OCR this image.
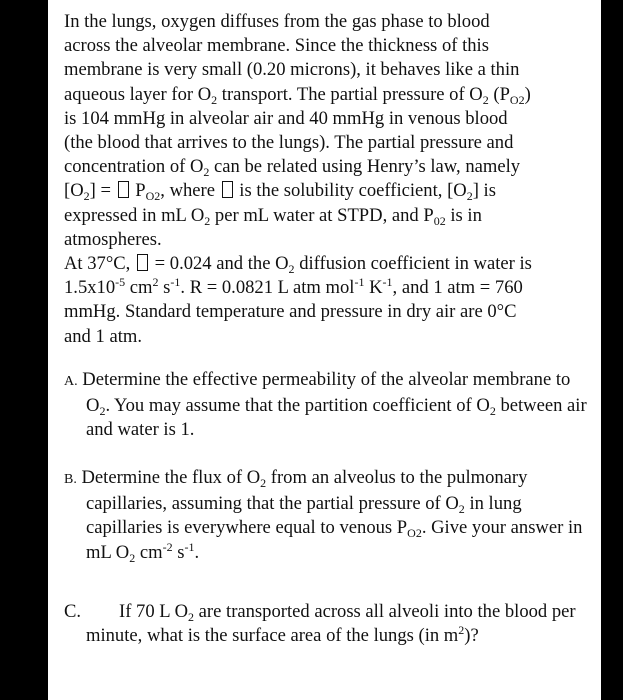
In the lungs, oxygen diffuses from the gas phase to blood
across the alveolar membrane. Since the thickness of this
membrane is very small (0.20 microns), it behaves like a thin
aqueous layer for $O_2$ transport. The partial pressure of $O_2$ $(P_{O2})$
is 104 mmHg in alveolar air and 40 mmHg in venous blood
(the blood that arrives to the lungs). The partial pressure and
concentration of $O_2$ can be related using Henry’s law, namely
$[O_2] = P_{O2}$, where  is the solubility coefficient, $[O_2]$ is
expressed in mL $O_2$ per mL water at STPD, and $P_{02}$ is in
atmospheres.

At 37°C,  = 0.024 and the $O_2$ diffusion coefficient in water is
$1.5x10^{-5}$ $cm^2$ $s^{-1}$. R = 0.0821 L atm mol$^{-1}$ $K^{-1}$, and 1 atm = 760
mmHg. Standard temperature and pressure in dry air are 0°C
and 1 atm.

A. Determine the effective permeability of the alveolar membrane to $O_2$. You may assume that the partition coefficient of $O_2$ between air and water is 1.

B. Determine the flux of $O_2$ from an alveolus to the pulmonary capillaries, assuming that the partial pressure of $O_2$ in lung capillaries is everywhere equal to venous $P_{O2}$. Give your answer in mL $O_2$ $cm^{-2}$ $s^{-1}$.

C. If 70 L $O_2$ are transported across all alveoli into the blood per minute, what is the surface area of the lungs (in $m^2$)?
